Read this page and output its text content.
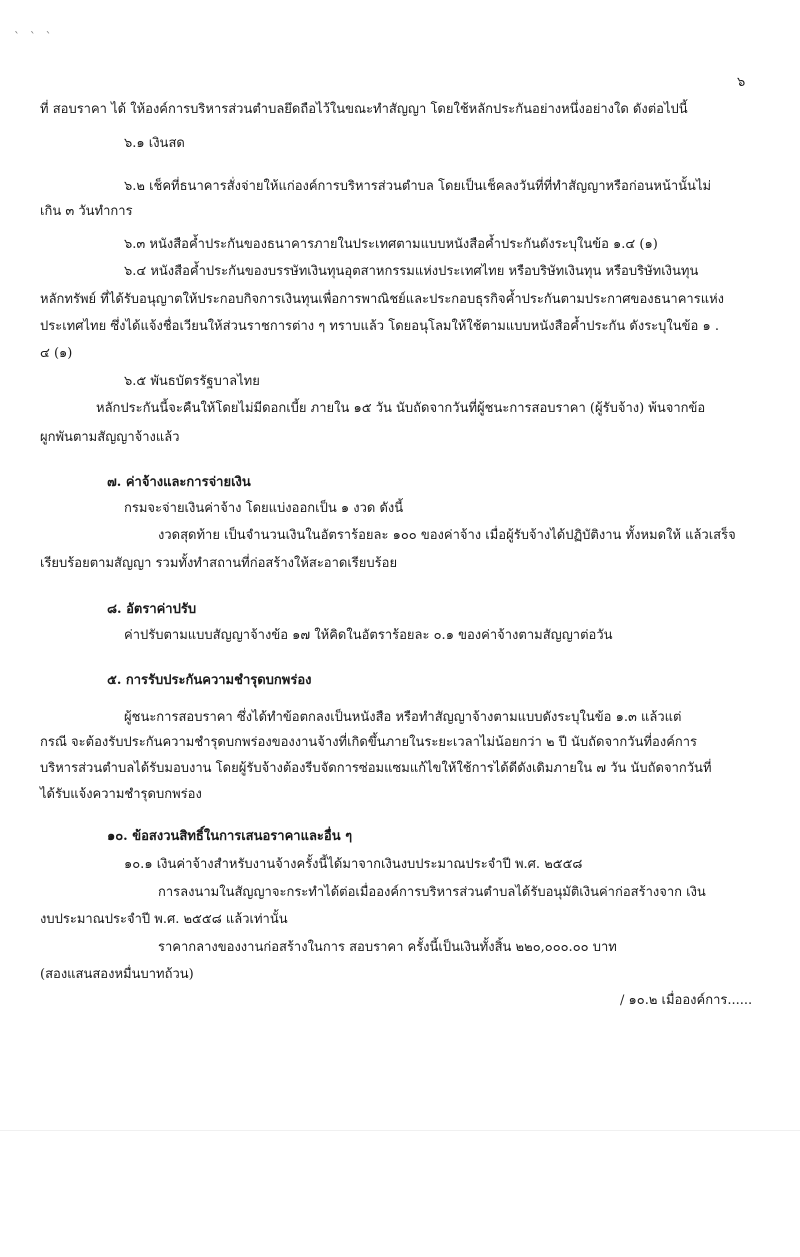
` ` `
๖
ที่ สอบราคา ได้ ให้องค์การบริหารส่วนตำบลยึดถือไว้ในขณะทำสัญญา โดยใช้หลักประกันอย่างหนึ่งอย่างใด ดังต่อไปนี้
๖.๑ เงินสด
๖.๒ เช็คที่ธนาคารสั่งจ่ายให้แก่องค์การบริหารส่วนตำบล โดยเป็นเช็คลงวันที่ที่ทำสัญญาหรือก่อนหน้านั้นไม่
เกิน ๓ วันทำการ
๖.๓ หนังสือค้ำประกันของธนาคารภายในประเทศตามแบบหนังสือค้ำประกันดังระบุในข้อ ๑.๔ (๑)
๖.๔ หนังสือค้ำประกันของบรรษัทเงินทุนอุตสาหกรรมแห่งประเทศไทย หรือบริษัทเงินทุน หรือบริษัทเงินทุน
หลักทรัพย์ ที่ได้รับอนุญาตให้ประกอบกิจการเงินทุนเพื่อการพาณิชย์และประกอบธุรกิจค้ำประกันตามประกาศของธนาคารแห่ง
ประเทศไทย ซึ่งได้แจ้งชื่อเวียนให้ส่วนราชการต่าง ๆ ทราบแล้ว โดยอนุโลมให้ใช้ตามแบบหนังสือค้ำประกัน ดังระบุในข้อ ๑ .
๔ (๑)
๖.๕ พันธบัตรรัฐบาลไทย
หลักประกันนี้จะคืนให้โดยไม่มีดอกเบี้ย ภายใน ๑๕ วัน นับถัดจากวันที่ผู้ชนะการสอบราคา (ผู้รับจ้าง) พ้นจากข้อ
ผูกพันตามสัญญาจ้างแล้ว
๗. ค่าจ้างและการจ่ายเงิน
กรมจะจ่ายเงินค่าจ้าง โดยแบ่งออกเป็น ๑ งวด ดังนี้
งวดสุดท้าย เป็นจำนวนเงินในอัตราร้อยละ ๑๐๐ ของค่าจ้าง เมื่อผู้รับจ้างได้ปฏิบัติงาน ทั้งหมดให้ แล้วเสร็จ
เรียบร้อยตามสัญญา รวมทั้งทำสถานที่ก่อสร้างให้สะอาดเรียบร้อย
๘. อัตราค่าปรับ
ค่าปรับตามแบบสัญญาจ้างข้อ ๑๗ ให้คิดในอัตราร้อยละ ๐.๑ ของค่าจ้างตามสัญญาต่อวัน
๕. การรับประกันความชำรุดบกพร่อง
ผู้ชนะการสอบราคา ซึ่งได้ทำข้อตกลงเป็นหนังสือ หรือทำสัญญาจ้างตามแบบดังระบุในข้อ ๑.๓ แล้วแต่
กรณี จะต้องรับประกันความชำรุดบกพร่องของงานจ้างที่เกิดขึ้นภายในระยะเวลาไม่น้อยกว่า ๒ ปี นับถัดจากวันที่องค์การ
บริหารส่วนตำบลได้รับมอบงาน โดยผู้รับจ้างต้องรีบจัดการซ่อมแซมแก้ไขให้ใช้การได้ดีดังเดิมภายใน ๗ วัน นับถัดจากวันที่
ได้รับแจ้งความชำรุดบกพร่อง
๑๐. ข้อสงวนสิทธิ์ในการเสนอราคาและอื่น ๆ
๑๐.๑ เงินค่าจ้างสำหรับงานจ้างครั้งนี้ได้มาจากเงินงบประมาณประจำปี พ.ศ. ๒๕๕๘
การลงนามในสัญญาจะกระทำได้ต่อเมื่อองค์การบริหารส่วนตำบลได้รับอนุมัติเงินค่าก่อสร้างจาก เงิน
งบประมาณประจำปี พ.ศ. ๒๕๕๘ แล้วเท่านั้น
ราคากลางของงานก่อสร้างในการ สอบราคา ครั้งนี้เป็นเงินทั้งสิ้น ๒๒๐,๐๐๐.๐๐ บาท
(สองแสนสองหมื่นบาทถ้วน)
/ ๑๐.๒ เมื่อองค์การ......
